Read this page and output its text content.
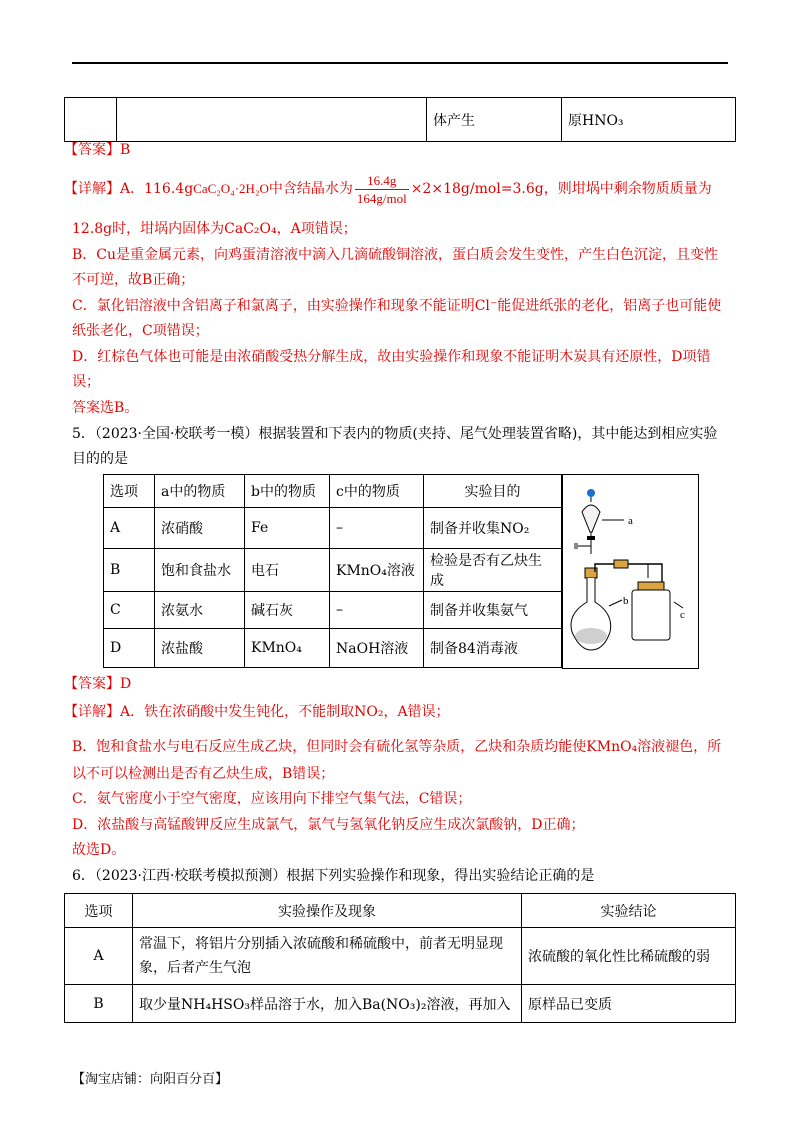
		体产生	原HNO₃
【答案】B
【详解】A．116.4gCaC₂O₄·2H₂O中含结晶水为 $\frac{16.4g}{\text{164g/mol}} \times 2\times 18g/mol=3.6g$，则坩埚中剩余物质质量为
12.8g时，坩埚内固体为CaC₂O₄，A项错误；
B．Cu是重金属元素，向鸡蛋清溶液中滴入几滴硫酸铜溶液，蛋白质会发生变性，产生白色沉淀，且变性
不可逆，故B正确；
C．氯化铝溶液中含铝离子和氯离子，由实验操作和现象不能证明Cl⁻能促进纸张的老化，铝离子也可能使
纸张老化，C项错误；
D．红棕色气体也可能是由浓硝酸受热分解生成，故由实验操作和现象不能证明木炭具有还原性，D项错
误；
答案选B。
5．（2023·全国·校联考一模）根据装置和下表内的物质(夹持、尾气处理装置省略)，其中能达到相应实验
目的的是
选项	a中的物质	b中的物质	c中的物质	实验目的
A	浓硝酸	Fe	–	制备并收集NO₂
B	饱和食盐水	电石	KMnO₄溶液	检验是否有乙炔生成
C	浓氨水	碱石灰	–	制备并收集氨气
D	浓盐酸	KMnO₄	NaOH溶液	制备84消毒液
a
b
c
【答案】D
【详解】A．铁在浓硝酸中发生钝化，不能制取NO₂，A错误；
B．饱和食盐水与电石反应生成乙炔，但同时会有硫化氢等杂质，乙炔和杂质均能使KMnO₄溶液褪色，所
以不可以检测出是否有乙炔生成，B错误；
C．氨气密度小于空气密度，应该用向下排空气集气法，C错误；
D．浓盐酸与高锰酸钾反应生成氯气，氯气与氢氧化钠反应生成次氯酸钠，D正确；
故选D。
6．（2023·江西·校联考模拟预测）根据下列实验操作和现象，得出实验结论正确的是
选项	实验操作及现象	实验结论
A	常温下，将铝片分别插入浓硫酸和稀硫酸中，前者无明显现
象，后者产生气泡	浓硫酸的氧化性比稀硫酸的弱
B	取少量NH₄HSO₃样品溶于水，加入Ba(NO₃)₂溶液，再加入	原样品已变质
【淘宝店铺：向阳百分百】
